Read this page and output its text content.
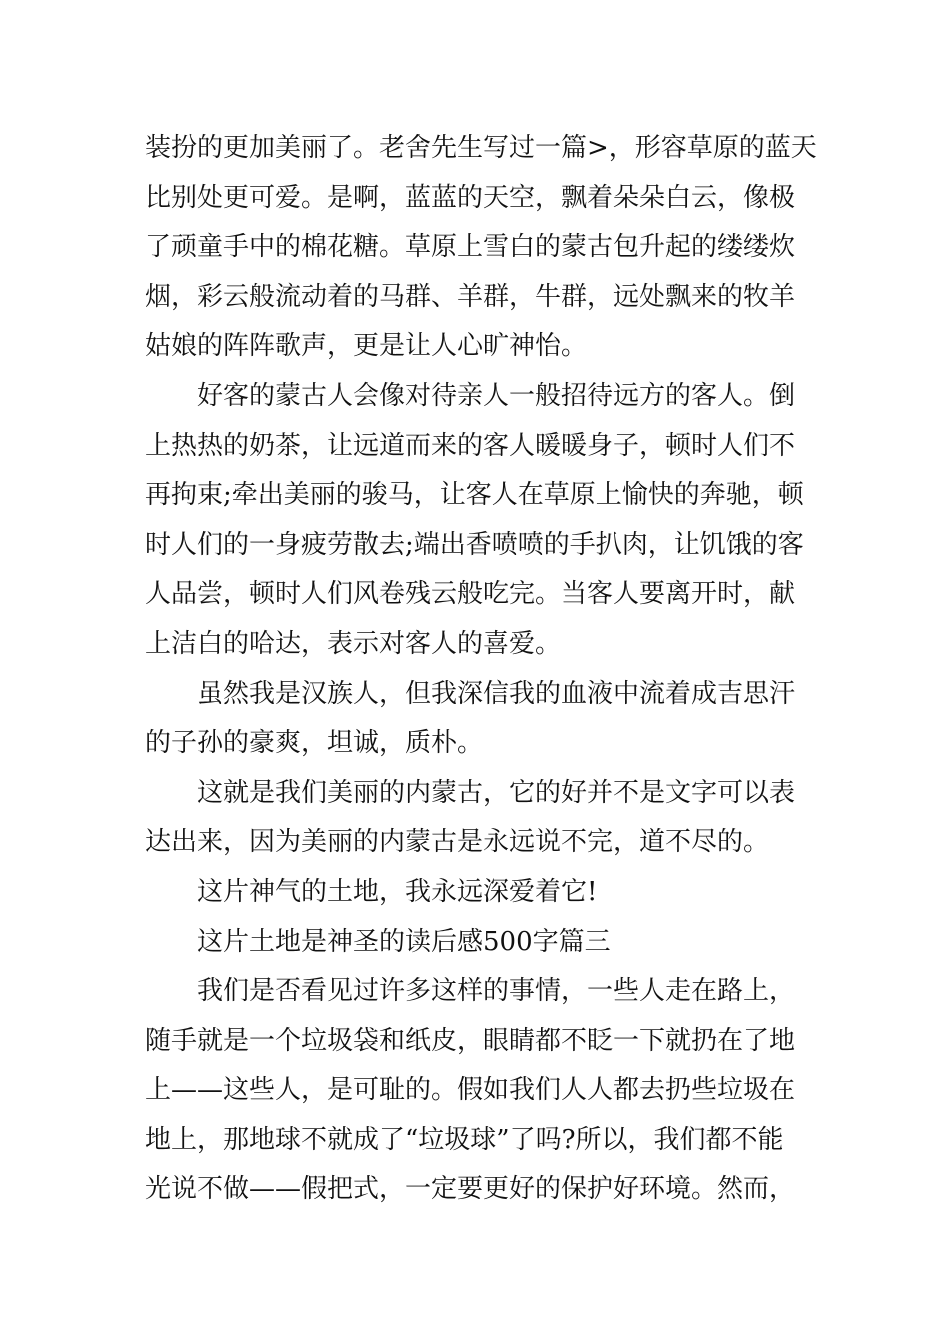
装扮的更加美丽了。老舍先生写过一篇>，形容草原的蓝天
比别处更可爱。是啊，蓝蓝的天空，飘着朵朵白云，像极
了顽童手中的棉花糖。草原上雪白的蒙古包升起的缕缕炊
烟，彩云般流动着的马群、羊群，牛群，远处飘来的牧羊
姑娘的阵阵歌声，更是让人心旷神怡。

好客的蒙古人会像对待亲人一般招待远方的客人。倒
上热热的奶茶，让远道而来的客人暖暖身子，顿时人们不
再拘束;牵出美丽的骏马，让客人在草原上愉快的奔驰，顿
时人们的一身疲劳散去;端出香喷喷的手扒肉，让饥饿的客
人品尝，顿时人们风卷残云般吃完。当客人要离开时，献
上洁白的哈达，表示对客人的喜爱。

虽然我是汉族人，但我深信我的血液中流着成吉思汗
的子孙的豪爽，坦诚，质朴。

这就是我们美丽的内蒙古，它的好并不是文字可以表
达出来，因为美丽的内蒙古是永远说不完，道不尽的。

这片神气的土地，我永远深爱着它!

这片土地是神圣的读后感500字篇三

我们是否看见过许多这样的事情，一些人走在路上，
随手就是一个垃圾袋和纸皮，眼睛都不眨一下就扔在了地
上——这些人，是可耻的。假如我们人人都去扔些垃圾在
地上，那地球不就成了“垃圾球”了吗?所以，我们都不能
光说不做——假把式，一定要更好的保护好环境。然而，
